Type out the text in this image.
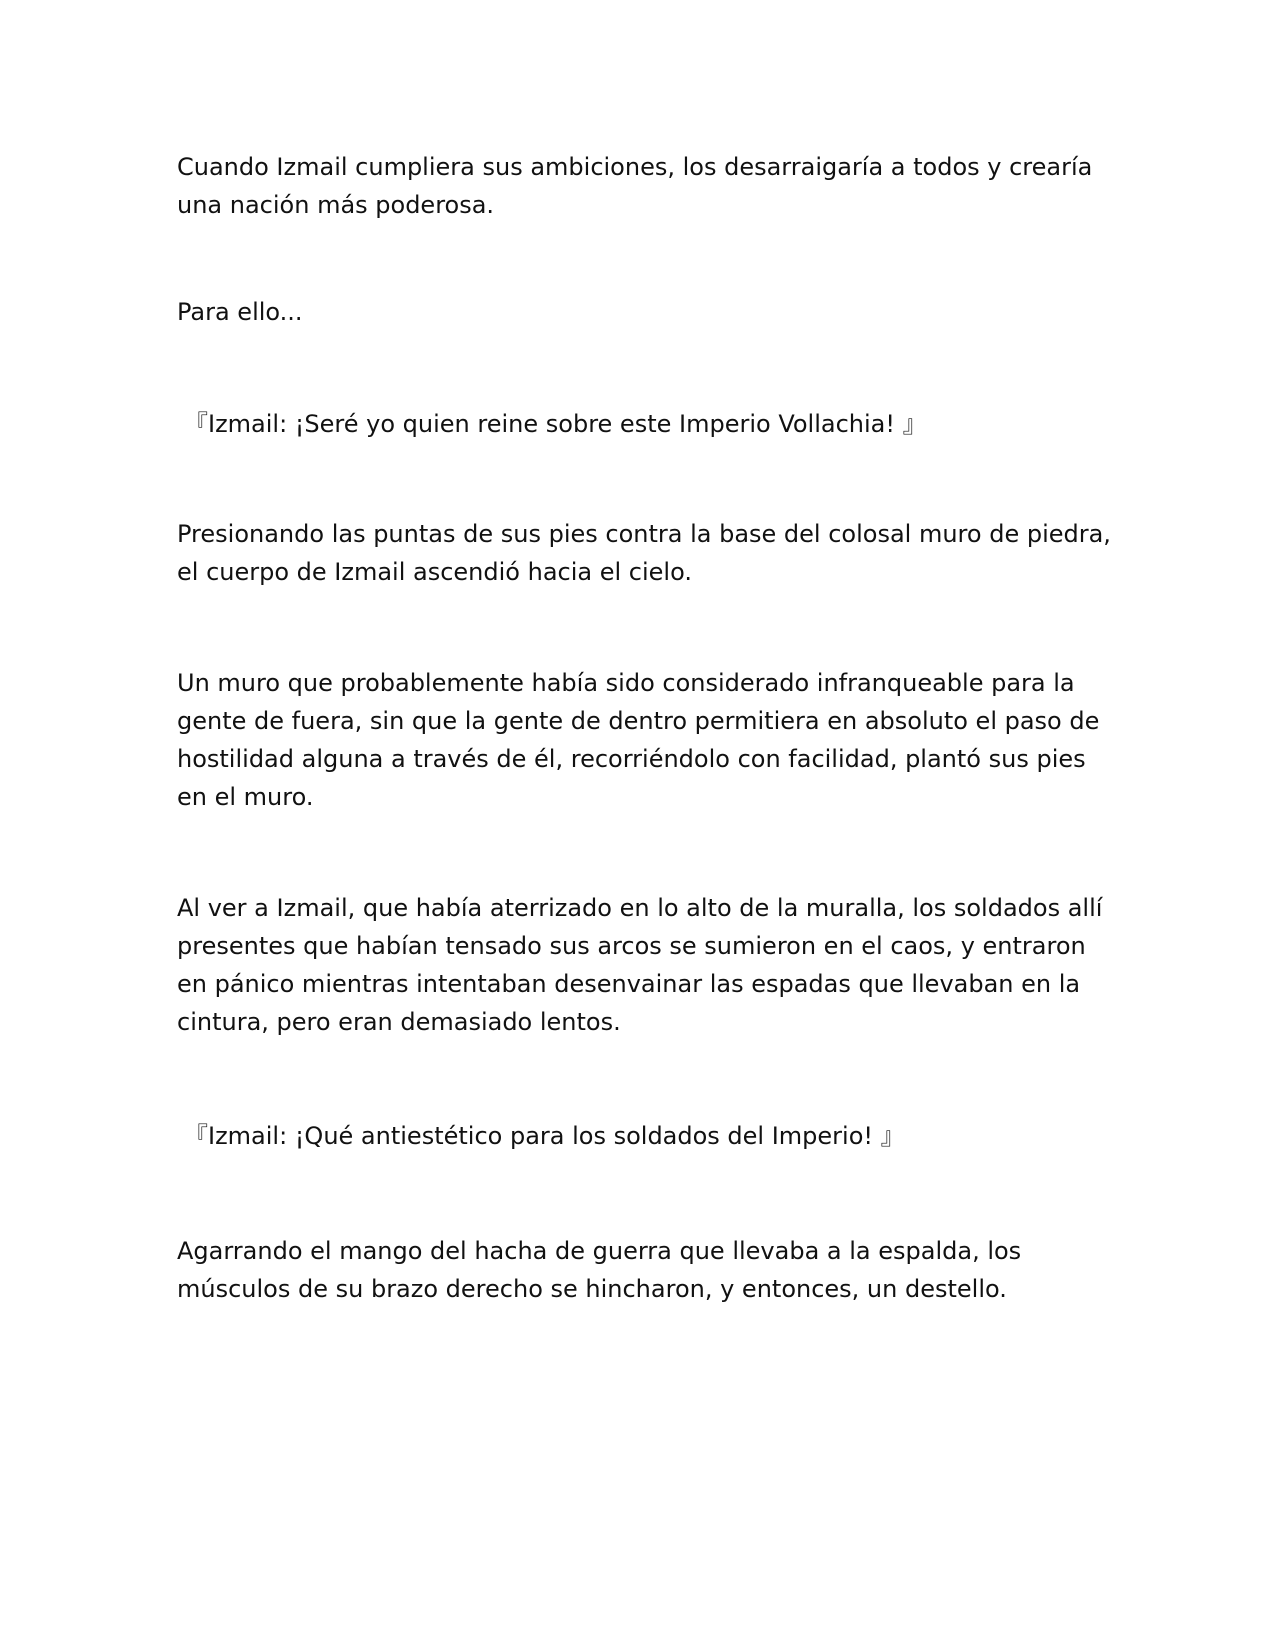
Cuando Izmail cumpliera sus ambiciones, los desarraigaría a todos y crearía
una nación más poderosa.

Para ello...

『Izmail: ¡Seré yo quien reine sobre este Imperio Vollachia! 』

Presionando las puntas de sus pies contra la base del colosal muro de piedra,
el cuerpo de Izmail ascendió hacia el cielo.

Un muro que probablemente había sido considerado infranqueable para la
gente de fuera, sin que la gente de dentro permitiera en absoluto el paso de
hostilidad alguna a través de él, recorriéndolo con facilidad, plantó sus pies
en el muro.

Al ver a Izmail, que había aterrizado en lo alto de la muralla, los soldados allí
presentes que habían tensado sus arcos se sumieron en el caos, y entraron
en pánico mientras intentaban desenvainar las espadas que llevaban en la
cintura, pero eran demasiado lentos.

『Izmail: ¡Qué antiestético para los soldados del Imperio! 』

Agarrando el mango del hacha de guerra que llevaba a la espalda, los
músculos de su brazo derecho se hincharon, y entonces, un destello.
